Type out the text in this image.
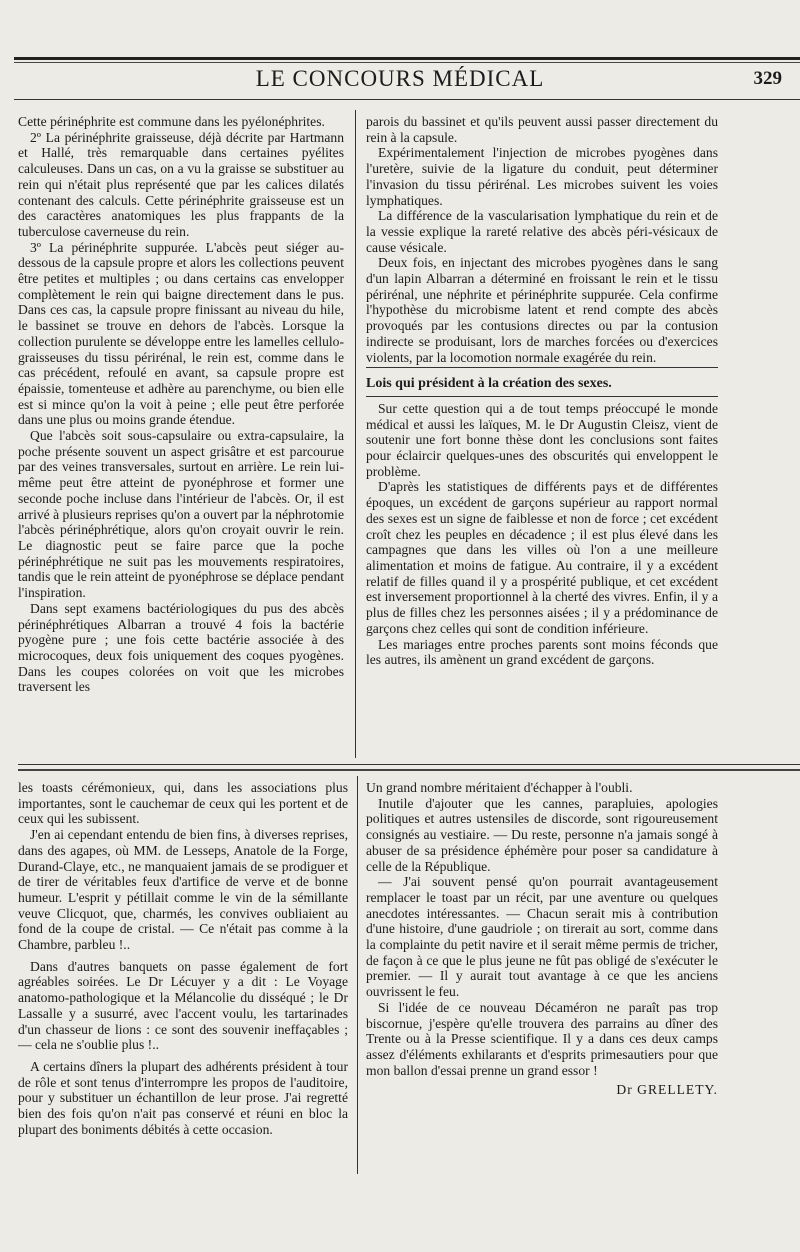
LE CONCOURS MÉDICAL	329

Cette périnéphrite est commune dans les pyélonéphrites.

2º La périnéphrite graisseuse, déjà décrite par Hartmann et Hallé, très remarquable dans certaines pyélites calculeuses. Dans un cas, on a vu la graisse se substituer au rein qui n'était plus représenté que par les calices dilatés contenant des calculs. Cette périnéphrite graisseuse est un des caractères anatomiques les plus frappants de la tuberculose caverneuse du rein.

3º La périnéphrite suppurée. L'abcès peut siéger au-dessous de la capsule propre et alors les collections peuvent être petites et multiples ; ou dans certains cas envelopper complètement le rein qui baigne directement dans le pus. Dans ces cas, la capsule propre finissant au niveau du hile, le bassinet se trouve en dehors de l'abcès. Lorsque la collection purulente se développe entre les lamelles cellulo-graisseuses du tissu périrénal, le rein est, comme dans le cas précédent, refoulé en avant, sa capsule propre est épaissie, tomenteuse et adhère au parenchyme, ou bien elle est si mince qu'on la voit à peine ; elle peut être perforée dans une plus ou moins grande étendue.

Que l'abcès soit sous-capsulaire ou extra-capsulaire, la poche présente souvent un aspect grisâtre et est parcourue par des veines transversales, surtout en arrière. Le rein lui-même peut être atteint de pyonéphrose et former une seconde poche incluse dans l'intérieur de l'abcès. Or, il est arrivé à plusieurs reprises qu'on a ouvert par la néphrotomie l'abcès périnéphrétique, alors qu'on croyait ouvrir le rein. Le diagnostic peut se faire parce que la poche périnéphrétique ne suit pas les mouvements respiratoires, tandis que le rein atteint de pyonéphrose se déplace pendant l'inspiration.

Dans sept examens bactériologiques du pus des abcès périnéphrétiques Albarran a trouvé 4 fois la bactérie pyogène pure ; une fois cette bactérie associée à des microcoques, deux fois uniquement des coques pyogènes. Dans les coupes colorées on voit que les microbes traversent les

parois du bassinet et qu'ils peuvent aussi passer directement du rein à la capsule.

Expérimentalement l'injection de microbes pyogènes dans l'uretère, suivie de la ligature du conduit, peut déterminer l'invasion du tissu périrénal. Les microbes suivent les voies lymphatiques.

La différence de la vascularisation lymphatique du rein et de la vessie explique la rareté relative des abcès péri-vésicaux de cause vésicale.

Deux fois, en injectant des microbes pyogènes dans le sang d'un lapin Albarran a déterminé en froissant le rein et le tissu périrénal, une néphrite et périnéphrite suppurée. Cela confirme l'hypothèse du microbisme latent et rend compte des abcès provoqués par les contusions directes ou par la contusion indirecte se produisant, lors de marches forcées ou d'exercices violents, par la locomotion normale exagérée du rein.

Lois qui président à la création des sexes.

Sur cette question qui a de tout temps préoccupé le monde médical et aussi les laïques, M. le Dr Augustin Cleisz, vient de soutenir une fort bonne thèse dont les conclusions sont faites pour éclaircir quelques-unes des obscurités qui enveloppent le problème.

D'après les statistiques de différents pays et de différentes époques, un excédent de garçons supérieur au rapport normal des sexes est un signe de faiblesse et non de force ; cet excédent croît chez les peuples en décadence ; il est plus élevé dans les campagnes que dans les villes où l'on a une meilleure alimentation et moins de fatigue. Au contraire, il y a excédent relatif de filles quand il y a prospérité publique, et cet excédent est inversement proportionnel à la cherté des vivres. Enfin, il y a plus de filles chez les personnes aisées ; il y a prédominance de garçons chez celles qui sont de condition inférieure.

Les mariages entre proches parents sont moins féconds que les autres, ils amènent un grand excédent de garçons.

les toasts cérémonieux, qui, dans les associations plus importantes, sont le cauchemar de ceux qui les portent et de ceux qui les subissent.

J'en ai cependant entendu de bien fins, à diverses reprises, dans des agapes, où MM. de Lesseps, Anatole de la Forge, Durand-Claye, etc., ne manquaient jamais de se prodiguer et de tirer de véritables feux d'artifice de verve et de bonne humeur. L'esprit y pétillait comme le vin de la sémillante veuve Clicquot, que, charmés, les convives oubliaient au fond de la coupe de cristal. — Ce n'était pas comme à la Chambre, parbleu !..

Dans d'autres banquets on passe également de fort agréables soirées. Le Dr Lécuyer y a dit : Le Voyage anatomo-pathologique et la Mélancolie du disséqué ; le Dr Lassalle y a susurré, avec l'accent voulu, les tartarinades d'un chasseur de lions : ce sont des souvenir ineffaçables ; — cela ne s'oublie plus !..

A certains dîners la plupart des adhérents président à tour de rôle et sont tenus d'interrompre les propos de l'auditoire, pour y substituer un échantillon de leur prose. J'ai regretté bien des fois qu'on n'ait pas conservé et réuni en bloc la plupart des boniments débités à cette occasion.

Un grand nombre méritaient d'échapper à l'oubli.

Inutile d'ajouter que les cannes, parapluies, apologies politiques et autres ustensiles de discorde, sont rigoureusement consignés au vestiaire. — Du reste, personne n'a jamais songé à abuser de sa présidence éphémère pour poser sa candidature à celle de la République.

— J'ai souvent pensé qu'on pourrait avantageusement remplacer le toast par un récit, par une aventure ou quelques anecdotes intéressantes. — Chacun serait mis à contribution d'une histoire, d'une gaudriole ; on tirerait au sort, comme dans la complainte du petit navire et il serait même permis de tricher, de façon à ce que le plus jeune ne fût pas obligé de s'exécuter le premier. — Il y aurait tout avantage à ce que les anciens ouvrissent le feu.

Si l'idée de ce nouveau Décaméron ne paraît pas trop biscornue, j'espère qu'elle trouvera des parrains au dîner des Trente ou à la Presse scientifique. Il y a dans ces deux camps assez d'éléments exhilarants et d'esprits primesautiers pour que mon ballon d'essai prenne un grand essor !

Dr GRELLETY.
